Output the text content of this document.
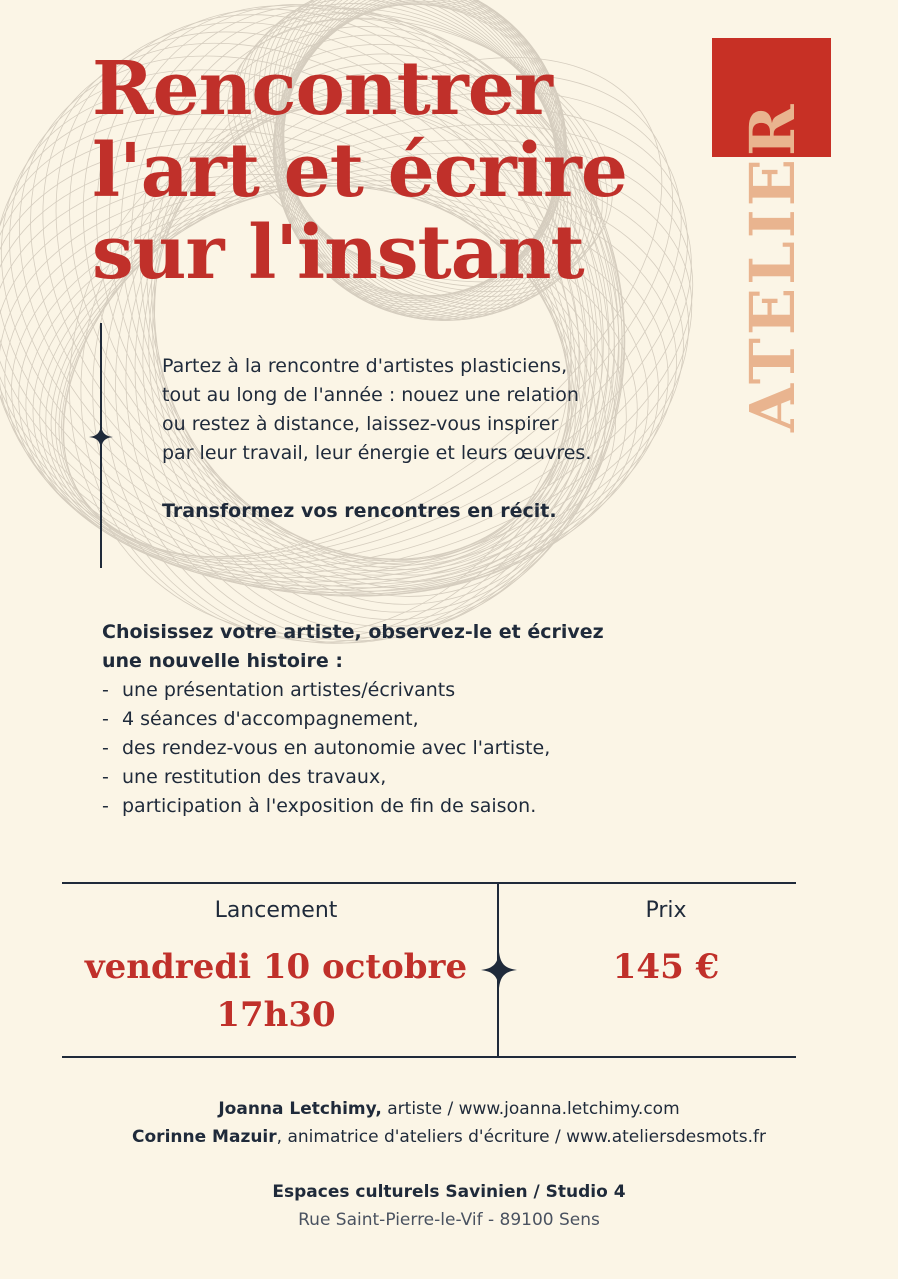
Rencontrer
l'art et écrire
sur l'instant	ATELIER

Partez à la rencontre d'artistes plasticiens,

tout au long de l'année : nouez une relation

ou restez à distance, laissez-vous inspirer

par leur travail, leur énergie et leurs œuvres.

Transformez vos rencontres en récit.

Choisissez votre artiste, observez-le et écrivez
une nouvelle histoire :
- une présentation artistes/écrivants
- 4 séances d'accompagnement,
- des rendez-vous en autonomie avec l'artiste,
- une restitution des travaux,
- participation à l'exposition de fin de saison.
Lancement
vendredi 10 octobre
17h30
Prix
145 €
Joanna Letchimy, artiste / www.joanna.letchimy.com
Corinne Mazuir, animatrice d'ateliers d'écriture / www.ateliersdesmots.fr
Espaces culturels Savinien / Studio 4
Rue Saint-Pierre-le-Vif - 89100 Sens
